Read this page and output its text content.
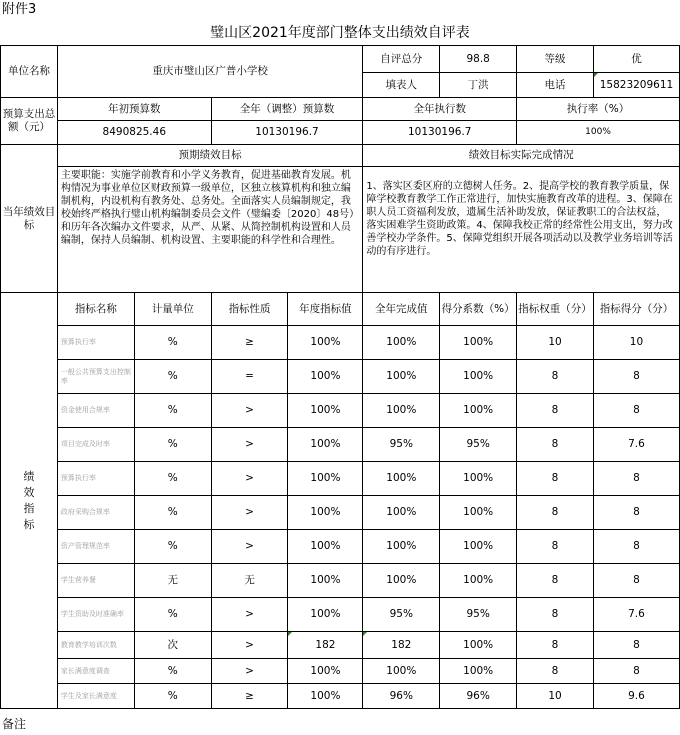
附件3
璧山区2021年度部门整体支出绩效自评表
单位名称	重庆市璧山区广普小学校				自评总分	98.8	等级	优
					填表人	丁洪	电话	15823209611
预算支出总额（元）	年初预算数		全年（调整）预算数		全年执行数		执行率（%）	
	8490825.46		10130196.7		10130196.7		100%	
当年绩效目标	预期绩效目标				绩效目标实际完成情况			
	主要职能：实施学前教育和小学义务教育，促进基础教育发展。机构情况为事业单位区财政预算一级单位，区独立核算机构和独立编制机构，内设机构有教务处、总务处。全面落实人员编制规定，我校始终严格执行璧山机构编制委员会文件（璧编委〔2020〕48号）和历年各次编办文件要求，从严、从紧、从简控制机构设置和人员编制，保持人员编制、机构设置、主要职能的科学性和合理性。				1、落实区委区府的立德树人任务。2、提高学校的教育教学质量，保障学校教育教学工作正常进行，加快实施教育改革的进程。3、保障在职人员工资福利发放，遗属生活补助发放，保证教职工的合法权益，落实困难学生资助政策。4、保障我校正常的经常性公用支出，努力改善学校办学条件。5、保障党组织开展各项活动以及教学业务培训等活动的有序进行。			
绩效指标	指标名称	计量单位	指标性质	年度指标值	全年完成值	得分系数（%）	指标权重（分）	指标得分（分）

	预算执行率	%	≥	100%	100%	100%	10	10

	一般公共预算支出控制率	%	=	100%	100%	100%	8	8

	资金使用合规率	%	>	100%	100%	100%	8	8

	项目完成及时率	%	>	100%	95%	95%	8	7.6

	预算执行率	%	>	100%	100%	100%	8	8

	政府采购合规率	%	>	100%	100%	100%	8	8

	资产管理规范率	%	>	100%	100%	100%	8	8

	学生营养餐	无	无	100%	100%	100%	8	8

	学生资助及时准确率	%	>	100%	95%	95%	8	7.6

	教育教学培训次数	次	>	182	182	100%	8	8

	家长满意度调查	%	>	100%	100%	100%	8	8

	学生及家长满意度	%	≥	100%	96%	96%	10	9.6
备注
